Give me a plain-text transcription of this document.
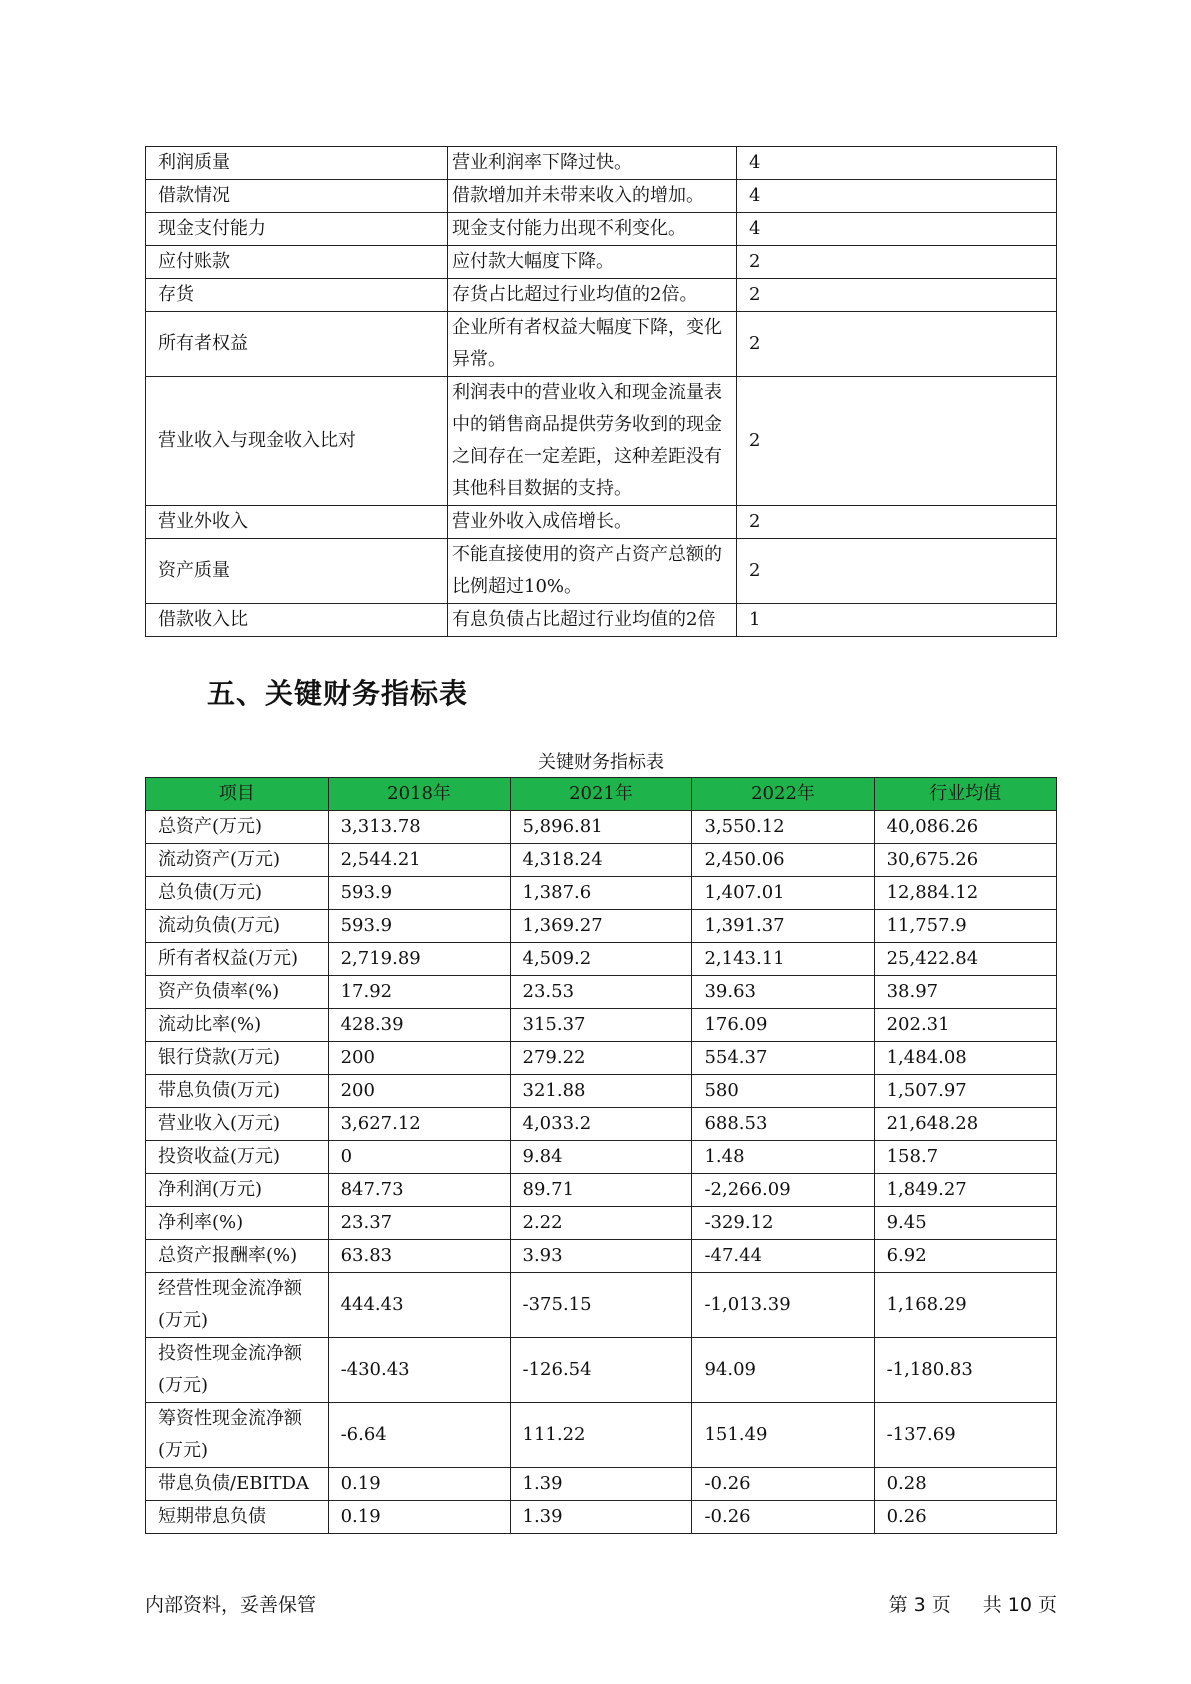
利润质量	营业利润率下降过快。	4
借款情况	借款增加并未带来收入的增加。	4
现金支付能力	现金支付能力出现不利变化。	4
应付账款	应付款大幅度下降。	2
存货	存货占比超过行业均值的2倍。	2
所有者权益	企业所有者权益大幅度下降，变化异常。	2
营业收入与现金收入比对	利润表中的营业收入和现金流量表中的销售商品提供劳务收到的现金之间存在一定差距，这种差距没有其他科目数据的支持。	2
营业外收入	营业外收入成倍增长。	2
资产质量	不能直接使用的资产占资产总额的比例超过10%。	2
借款收入比	有息负债占比超过行业均值的2倍	1
五、关键财务指标表
关键财务指标表
项目	2018年	2021年	2022年	行业均值
总资产(万元)	3,313.78	5,896.81	3,550.12	40,086.26
流动资产(万元)	2,544.21	4,318.24	2,450.06	30,675.26
总负债(万元)	593.9	1,387.6	1,407.01	12,884.12
流动负债(万元)	593.9	1,369.27	1,391.37	11,757.9
所有者权益(万元)	2,719.89	4,509.2	2,143.11	25,422.84
资产负债率(%)	17.92	23.53	39.63	38.97
流动比率(%)	428.39	315.37	176.09	202.31
银行贷款(万元)	200	279.22	554.37	1,484.08
带息负债(万元)	200	321.88	580	1,507.97
营业收入(万元)	3,627.12	4,033.2	688.53	21,648.28
投资收益(万元)	0	9.84	1.48	158.7
净利润(万元)	847.73	89.71	-2,266.09	1,849.27
净利率(%)	23.37	2.22	-329.12	9.45
总资产报酬率(%)	63.83	3.93	-47.44	6.92
经营性现金流净额(万元)	444.43	-375.15	-1,013.39	1,168.29
投资性现金流净额(万元)	-430.43	-126.54	94.09	-1,180.83
筹资性现金流净额(万元)	-6.64	111.22	151.49	-137.69
带息负债/EBITDA	0.19	1.39	-0.26	0.28
短期带息负债	0.19	1.39	-0.26	0.26
内部资料，妥善保管	第 3 页 共 10 页
